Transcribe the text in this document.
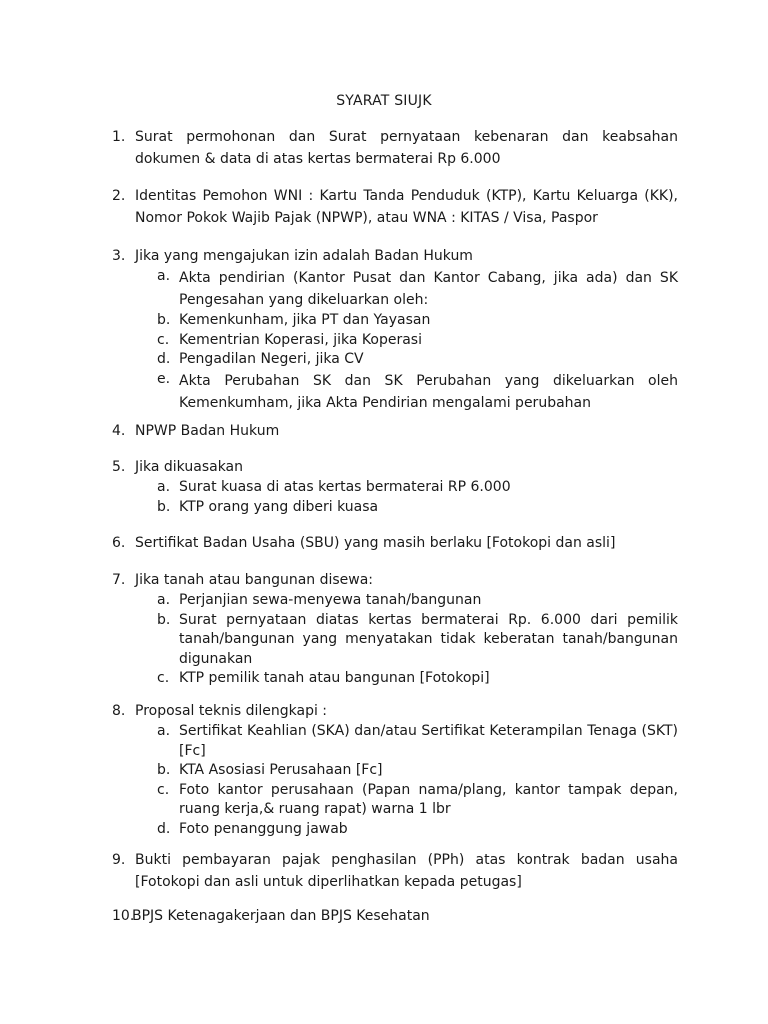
SYARAT SIUJK
1. Surat permohonan dan Surat pernyataan kebenaran dan keabsahan dokumen & data di atas kertas bermaterai Rp 6.000
2. Identitas Pemohon WNI : Kartu Tanda Penduduk (KTP), Kartu Keluarga (KK), Nomor Pokok Wajib Pajak (NPWP), atau WNA : KITAS / Visa, Paspor
3. Jika yang mengajukan izin adalah Badan Hukum
a. Akta pendirian (Kantor Pusat dan Kantor Cabang, jika ada) dan SK Pengesahan yang dikeluarkan oleh:
b. Kemenkunham, jika PT dan Yayasan
c. Kementrian Koperasi, jika Koperasi
d. Pengadilan Negeri, jika CV
e. Akta Perubahan SK dan SK Perubahan yang dikeluarkan oleh Kemenkumham, jika Akta Pendirian mengalami perubahan
4. NPWP Badan Hukum
5. Jika dikuasakan
a. Surat kuasa di atas kertas bermaterai RP 6.000
b. KTP orang yang diberi kuasa
6. Sertifikat Badan Usaha (SBU) yang masih berlaku [Fotokopi dan asli]
7. Jika tanah atau bangunan disewa:
a. Perjanjian sewa-menyewa tanah/bangunan
b. Surat pernyataan diatas kertas bermaterai Rp. 6.000 dari pemilik tanah/bangunan yang menyatakan tidak keberatan tanah/bangunan digunakan
c. KTP pemilik tanah atau bangunan [Fotokopi]
8. Proposal teknis dilengkapi :
a. Sertifikat Keahlian (SKA) dan/atau Sertifikat Keterampilan Tenaga (SKT) [Fc]
b. KTA Asosiasi Perusahaan [Fc]
c. Foto kantor perusahaan (Papan nama/plang, kantor tampak depan, ruang kerja,& ruang rapat) warna 1 lbr
d. Foto penanggung jawab
9. Bukti pembayaran pajak penghasilan (PPh) atas kontrak badan usaha [Fotokopi dan asli untuk diperlihatkan kepada petugas]
10.
BPJS Ketenagakerjaan dan BPJS Kesehatan
